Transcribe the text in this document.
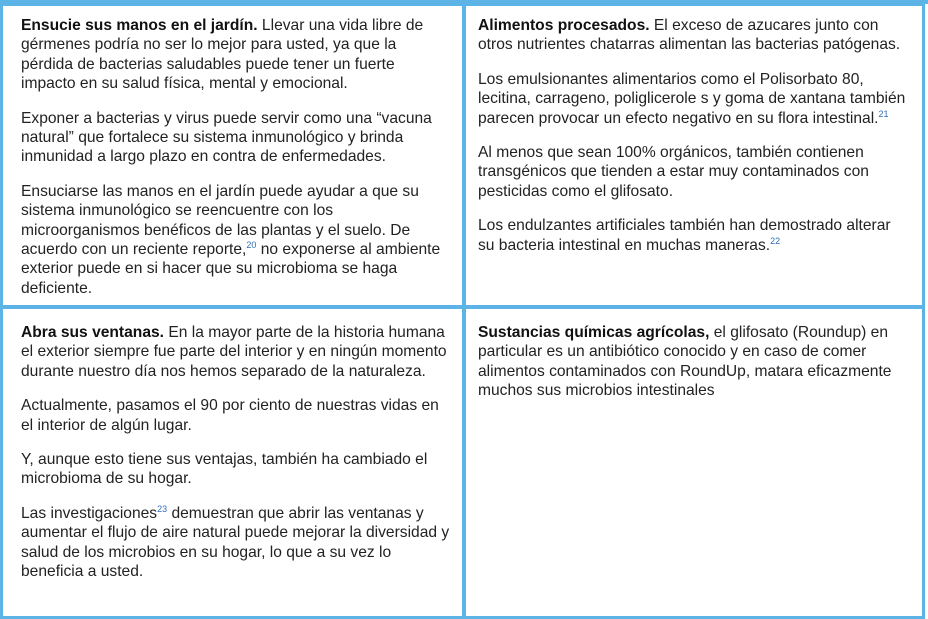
Ensucie sus manos en el jardín. Llevar una vida libre de gérmenes podría no ser lo mejor para usted, ya que la pérdida de bacterias saludables puede tener un fuerte impacto en su salud física, mental y emocional.

Exponer a bacterias y virus puede servir como una “vacuna natural” que fortalece su sistema inmunológico y brinda inmunidad a largo plazo en contra de enfermedades.

Ensuciarse las manos en el jardín puede ayudar a que su sistema inmunológico se reencuentre con los microorganismos benéficos de las plantas y el suelo. De acuerdo con un reciente reporte,$^{20}$ no exponerse al ambiente exterior puede en si hacer que su microbioma se haga deficiente.

Alimentos procesados. El exceso de azucares junto con otros nutrientes chatarras alimentan las bacterias patógenas.

Los emulsionantes alimentarios como el Polisorbato 80, lecitina, carrageno, poliglicerole s y goma de xantana también parecen provocar un efecto negativo en su flora intestinal.$^{21}$

Al menos que sean 100% orgánicos, también contienen transgénicos que tienden a estar muy contaminados con pesticidas como el glifosato.

Los endulzantes artificiales también han demostrado alterar su bacteria intestinal en muchas maneras.$^{22}$

Abra sus ventanas. En la mayor parte de la historia humana el exterior siempre fue parte del interior y en ningún momento durante nuestro día nos hemos separado de la naturaleza.

Actualmente, pasamos el 90 por ciento de nuestras vidas en el interior de algún lugar.

Y, aunque esto tiene sus ventajas, también ha cambiado el microbioma de su hogar.

Las investigaciones$^{23}$ demuestran que abrir las ventanas y aumentar el flujo de aire natural puede mejorar la diversidad y salud de los microbios en su hogar, lo que a su vez lo beneficia a usted.

Sustancias químicas agrícolas, el glifosato (Roundup) en particular es un antibiótico conocido y en caso de comer alimentos contaminados con RoundUp, matara eficazmente muchos sus microbios intestinales
